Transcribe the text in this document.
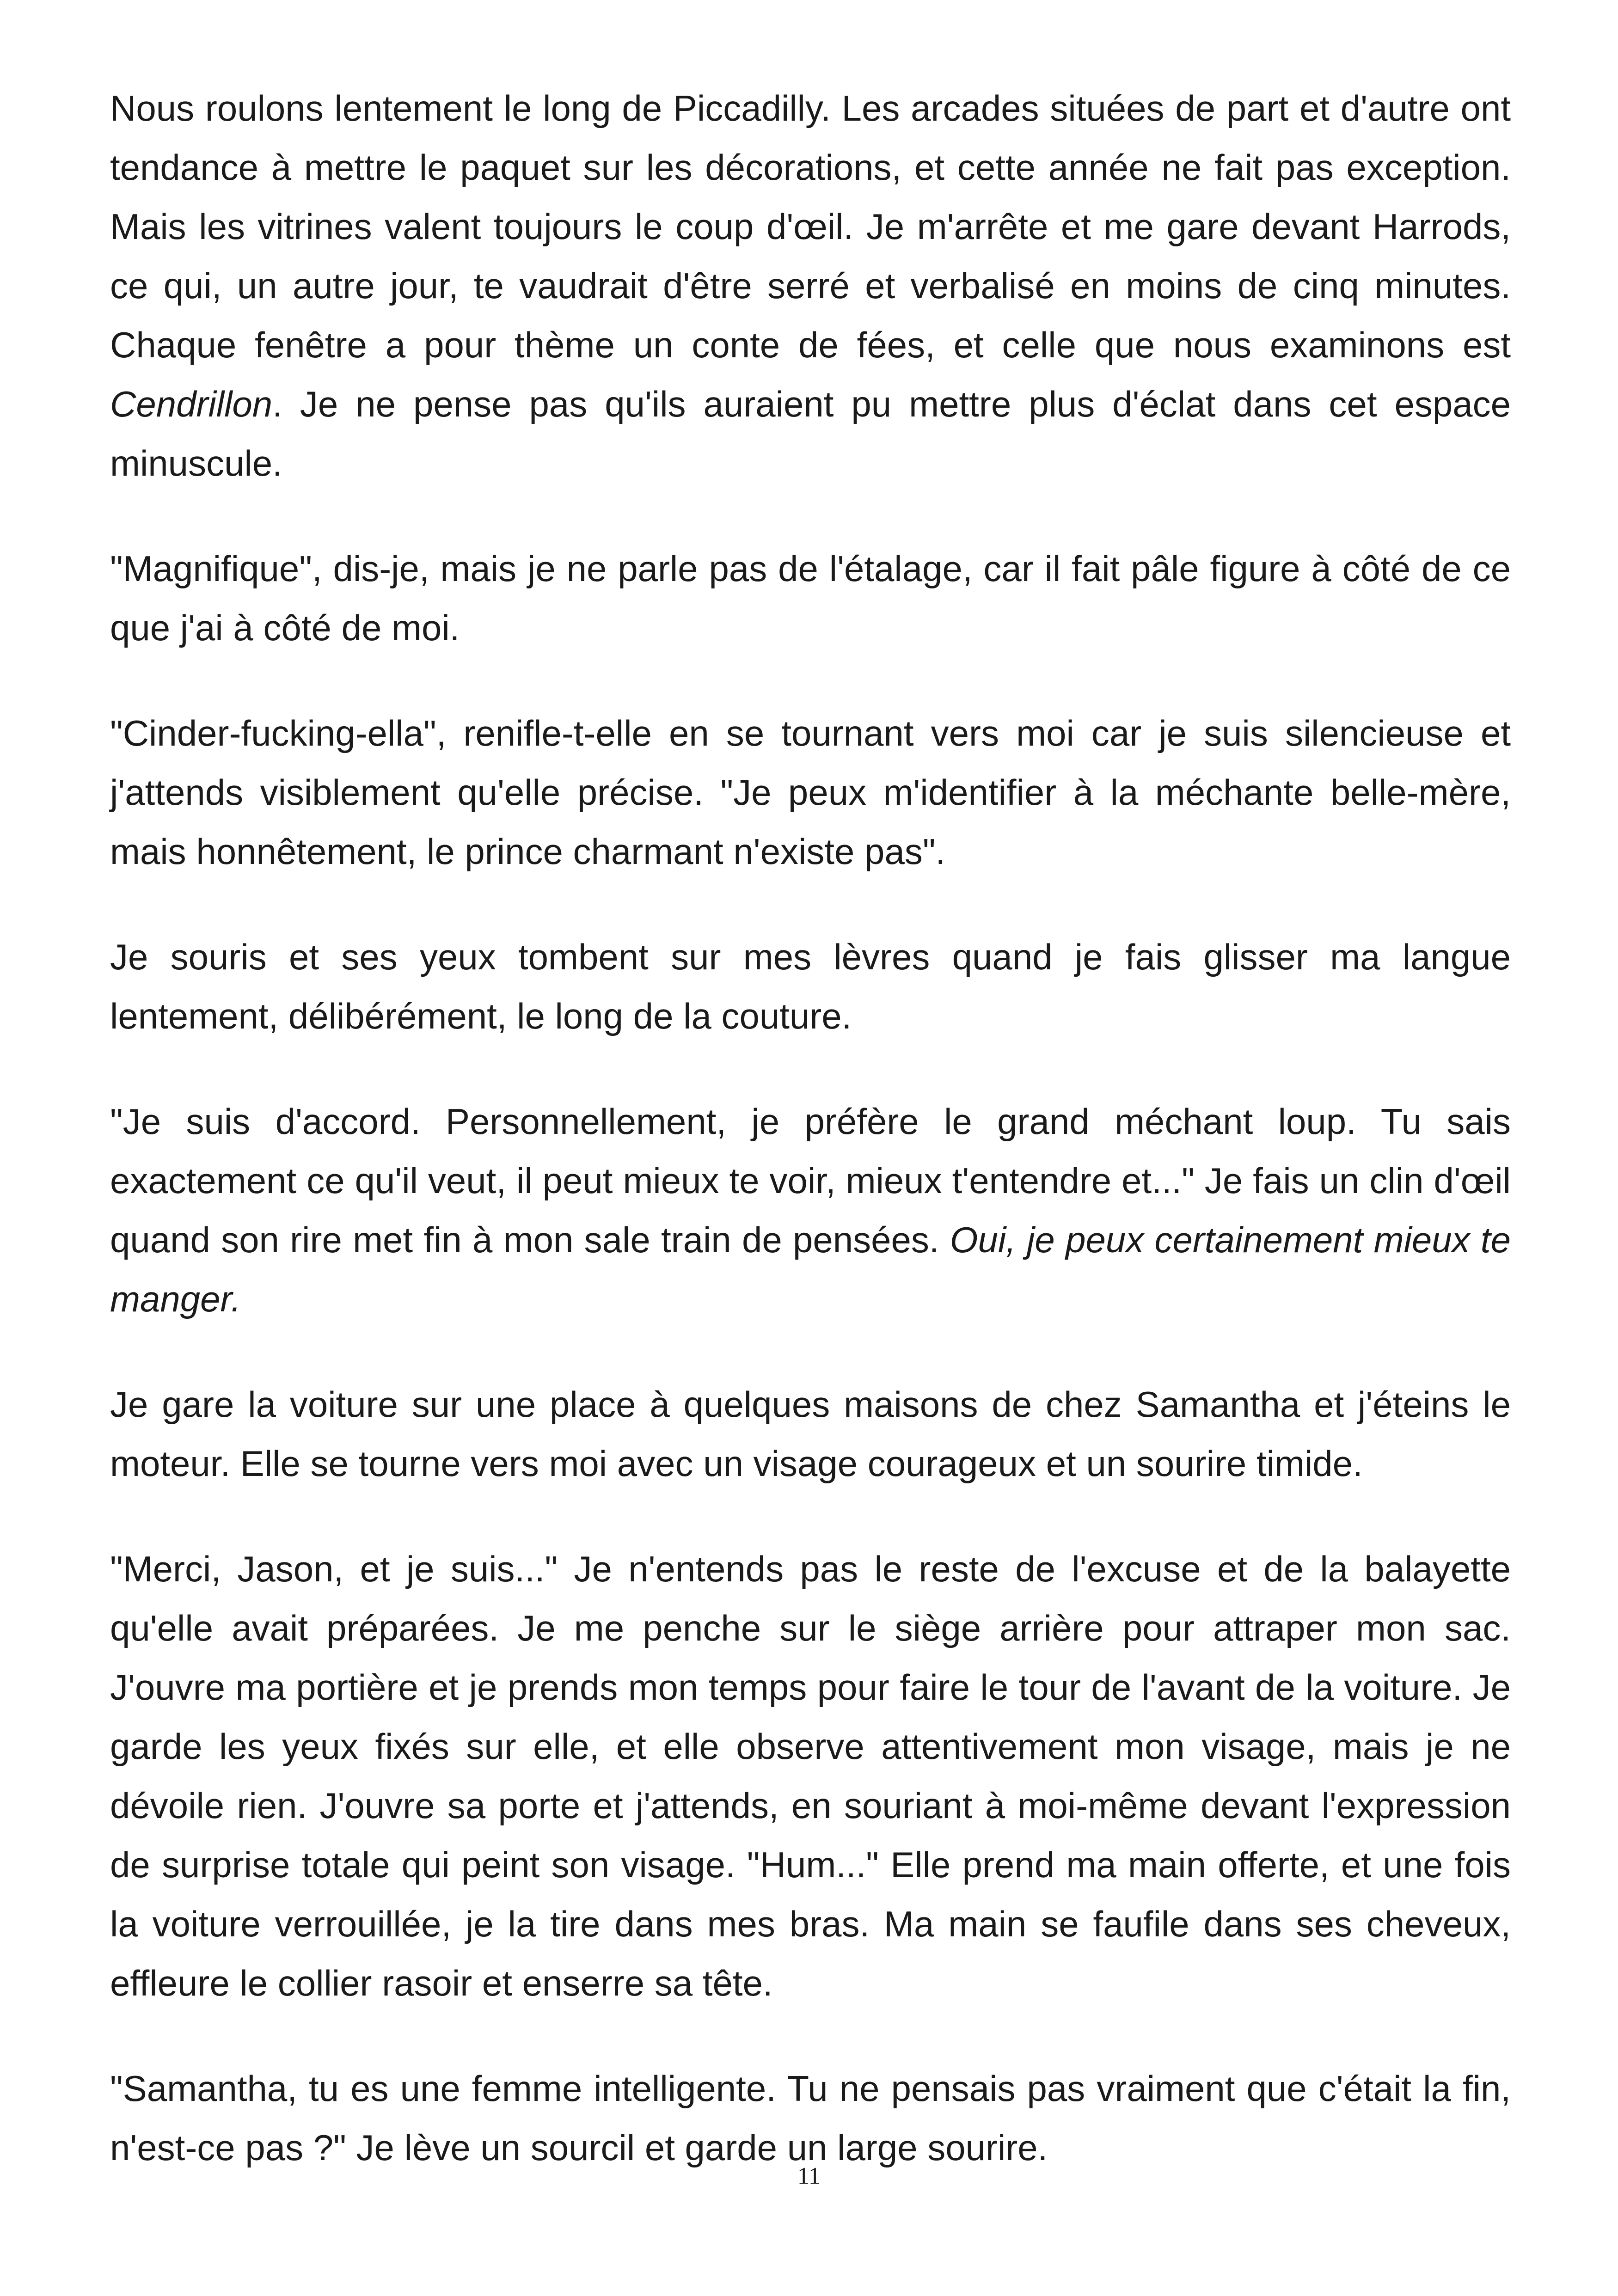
Nous roulons lentement le long de Piccadilly. Les arcades situées de part et d'autre ont tendance à mettre le paquet sur les décorations, et cette année ne fait pas exception. Mais les vitrines valent toujours le coup d'œil. Je m'arrête et me gare devant Harrods, ce qui, un autre jour, te vaudrait d'être serré et verbalisé en moins de cinq minutes. Chaque fenêtre a pour thème un conte de fées, et celle que nous examinons est Cendrillon. Je ne pense pas qu'ils auraient pu mettre plus d'éclat dans cet espace minuscule.

"Magnifique", dis-je, mais je ne parle pas de l'étalage, car il fait pâle figure à côté de ce que j'ai à côté de moi.

"Cinder-fucking-ella", renifle-t-elle en se tournant vers moi car je suis silencieuse et j'attends visiblement qu'elle précise. "Je peux m'identifier à la méchante belle-mère, mais honnêtement, le prince charmant n'existe pas".

Je souris et ses yeux tombent sur mes lèvres quand je fais glisser ma langue lentement, délibérément, le long de la couture.

"Je suis d'accord. Personnellement, je préfère le grand méchant loup. Tu sais exactement ce qu'il veut, il peut mieux te voir, mieux t'entendre et..." Je fais un clin d'œil quand son rire met fin à mon sale train de pensées. Oui, je peux certainement mieux te manger.

Je gare la voiture sur une place à quelques maisons de chez Samantha et j'éteins le moteur. Elle se tourne vers moi avec un visage courageux et un sourire timide.

"Merci, Jason, et je suis..." Je n'entends pas le reste de l'excuse et de la balayette qu'elle avait préparées. Je me penche sur le siège arrière pour attraper mon sac. J'ouvre ma portière et je prends mon temps pour faire le tour de l'avant de la voiture. Je garde les yeux fixés sur elle, et elle observe attentivement mon visage, mais je ne dévoile rien. J'ouvre sa porte et j'attends, en souriant à moi-même devant l'expression de surprise totale qui peint son visage. "Hum..." Elle prend ma main offerte, et une fois la voiture verrouillée, je la tire dans mes bras. Ma main se faufile dans ses cheveux, effleure le collier rasoir et enserre sa tête.

"Samantha, tu es une femme intelligente. Tu ne pensais pas vraiment que c'était la fin, n'est-ce pas ?" Je lève un sourcil et garde un large sourire.

11
